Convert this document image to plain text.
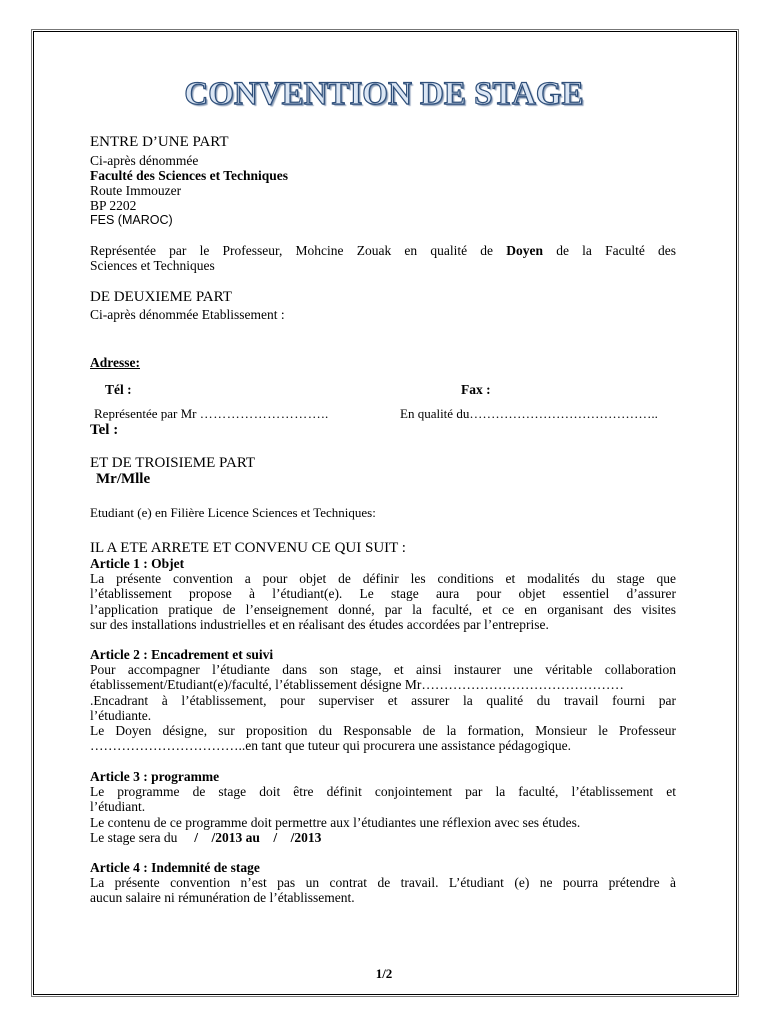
CONVENTION DE STAGE
ENTRE D’UNE PART
Ci-après dénommée
Faculté des Sciences et Techniques
Route Immouzer
BP 2202
FES (MAROC)

Représentée par le Professeur, Mohcine Zouak en qualité de Doyen de la Faculté des

Sciences et Techniques

DE DEUXIEME PART
Ci-après dénommée Etablissement :
Adresse:
Tél :	Fax :
Représentée par Mr ………………………..	En qualité du……………………………………..
Tel :
ET DE TROISIEME PART
Mr/Mlle
Etudiant (e) en Filière Licence Sciences et Techniques:
IL A ETE ARRETE ET CONVENU CE QUI SUIT :
Article 1 : Objet

La présente convention a pour objet de définir les conditions et modalités du stage que

l’établissement propose à l’étudiant(e). Le stage aura pour objet essentiel d’assurer

l’application pratique de l’enseignement donné, par la faculté, et ce en organisant des visites

sur des installations industrielles et en réalisant des études accordées par l’entreprise.

Article 2 : Encadrement et suivi

Pour accompagner l’étudiante dans son stage, et ainsi instaurer une véritable collaboration

établissement/Etudiant(e)/faculté, l’établissement désigne Mr………………………………………

.Encadrant à l’établissement, pour superviser et assurer la qualité du travail fourni par

l’étudiante.

Le Doyen désigne, sur proposition du Responsable de la formation, Monsieur le Professeur

……………………………..en tant que tuteur qui procurera une assistance pédagogique.

Article 3 : programme

Le programme de stage doit être définit conjointement par la faculté, l’établissement et

l’étudiant.

Le contenu de ce programme doit permettre aux l’étudiantes une réflexion avec ses études.

Le stage sera du /    /2013 au    /    /2013
Article 4 : Indemnité de stage

La présente convention n’est pas un contrat de travail. L’étudiant (e) ne pourra prétendre à

aucun salaire ni rémunération de l’établissement.

1/2
